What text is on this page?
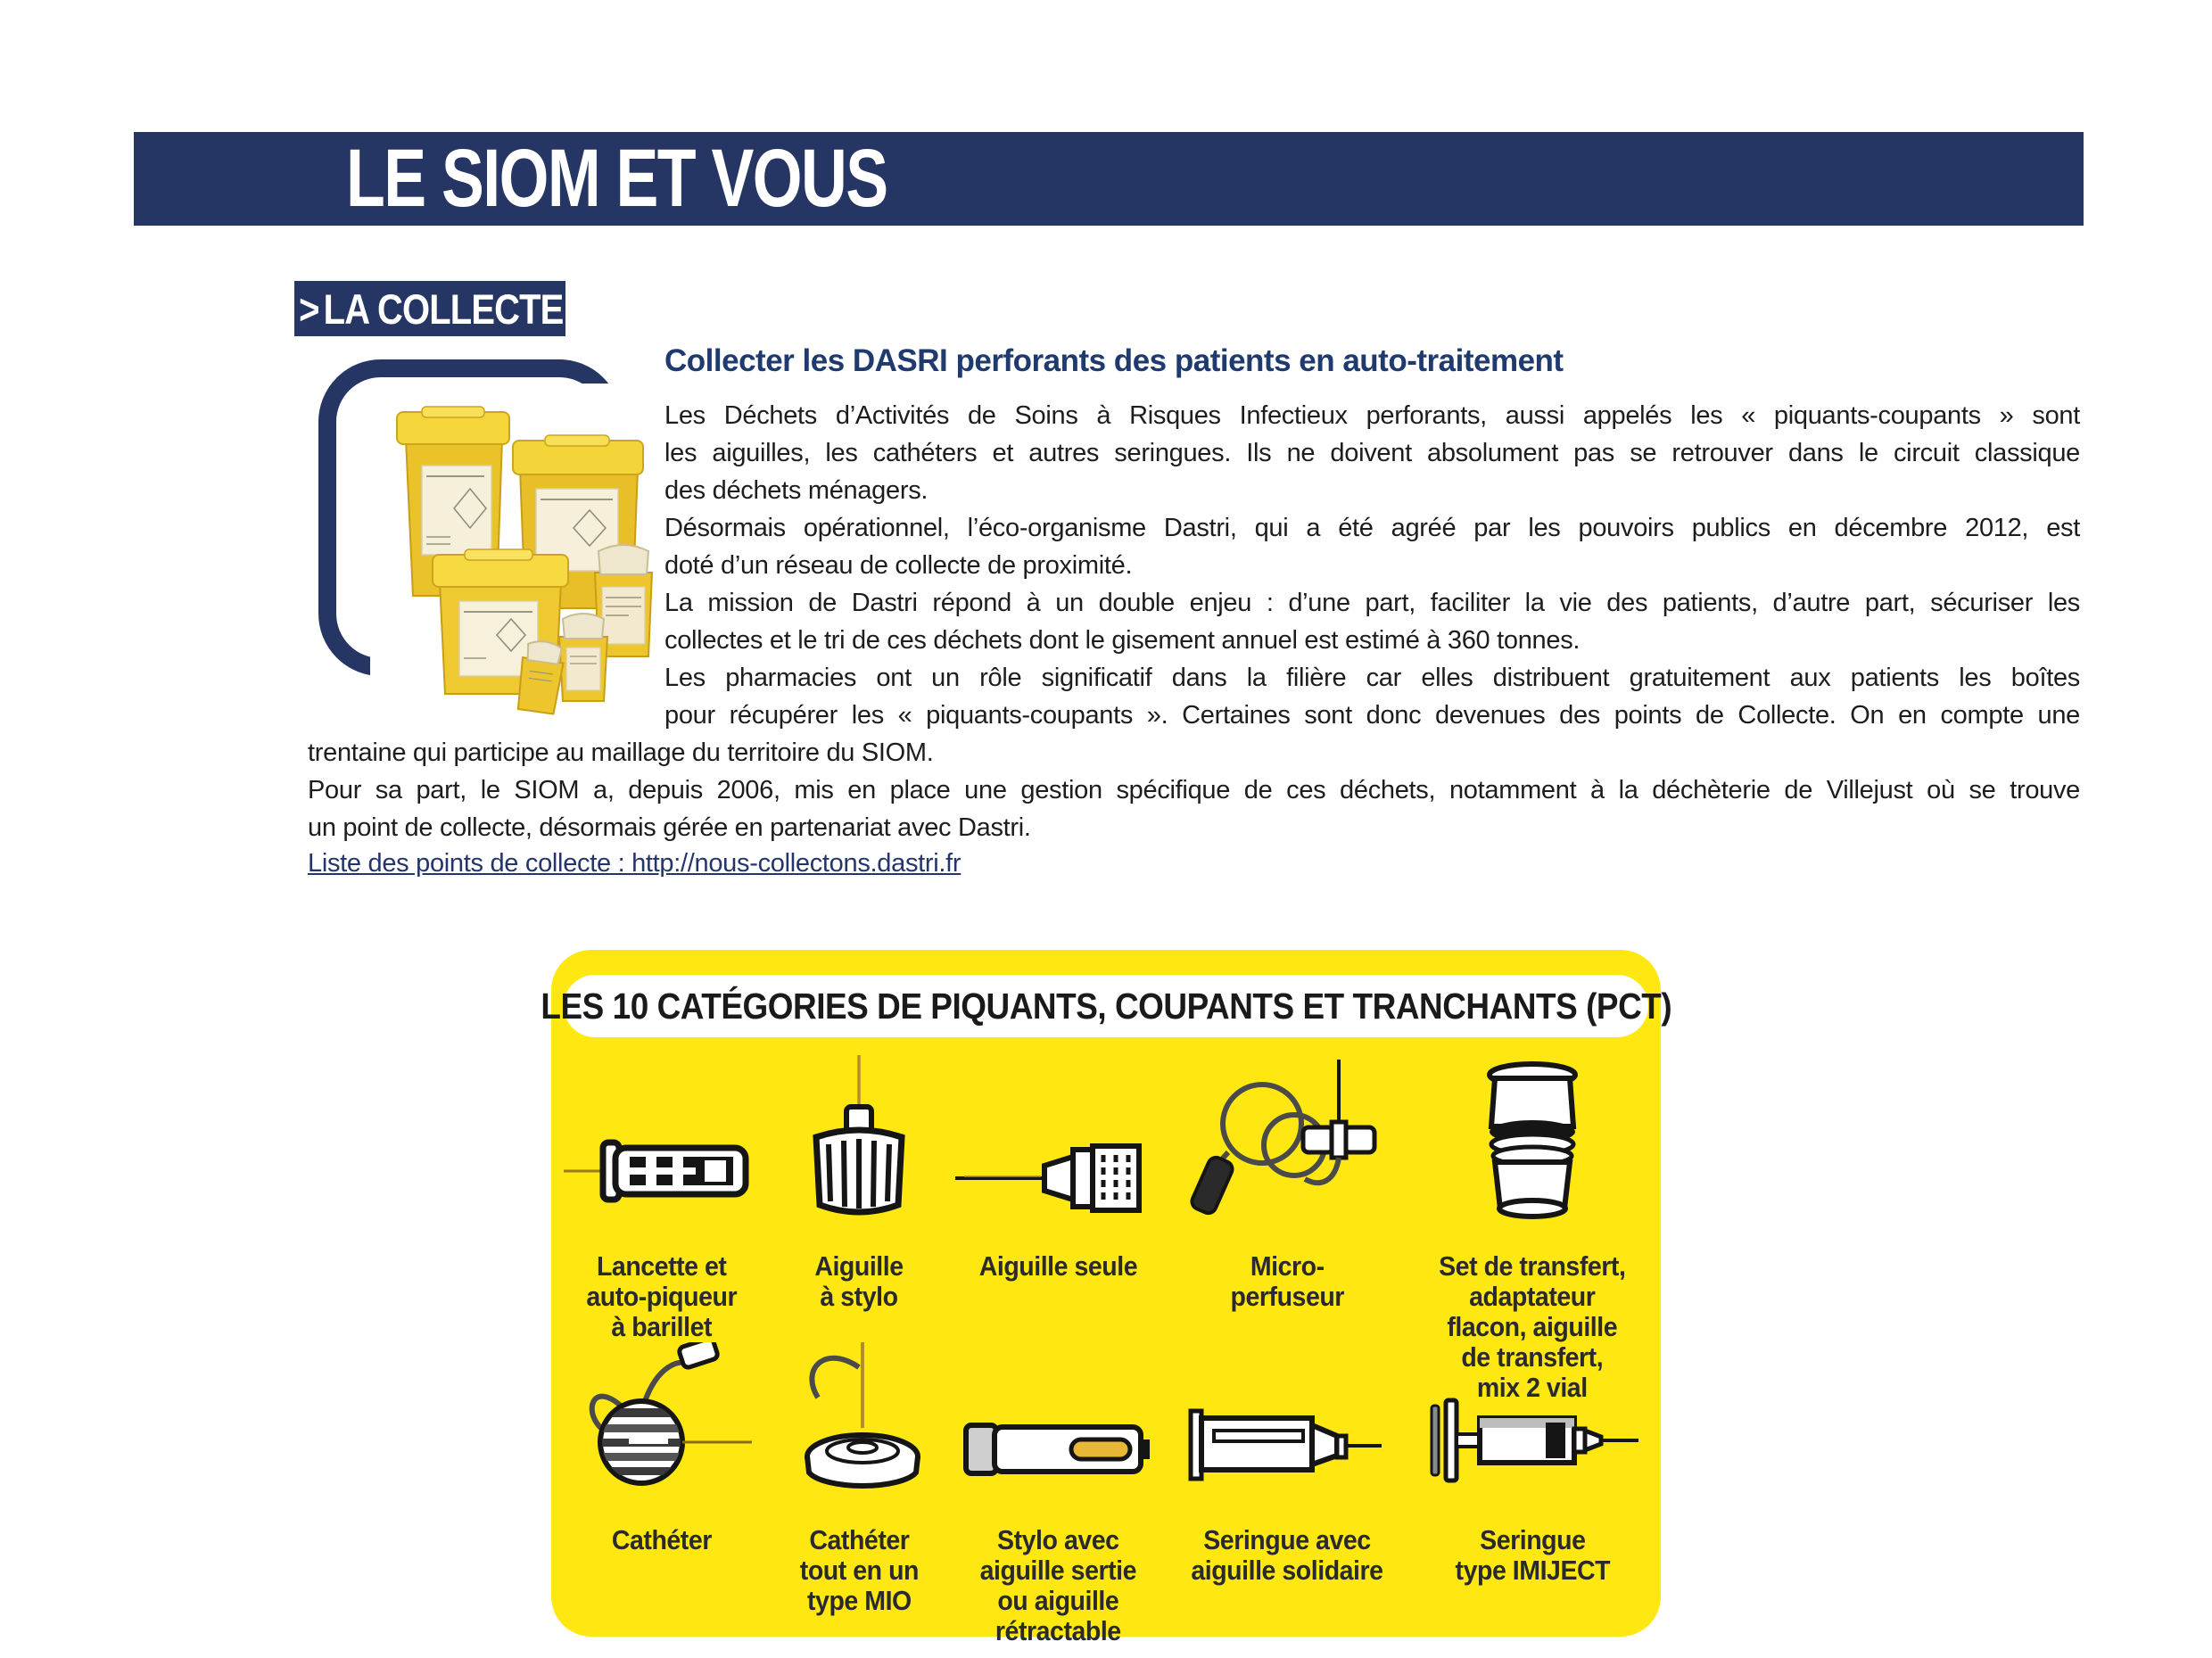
LE SIOM ET VOUS
> LA COLLECTE
Collecter les DASRI perforants des patients en auto-traitement
Les Déchets d’Activités de Soins à Risques Infectieux perforants, aussi appelés les « piquants-coupants » sont
les aiguilles, les cathéters et autres seringues. Ils ne doivent absolument pas se retrouver dans le circuit classique
des déchets ménagers.
Désormais opérationnel, l’éco-organisme Dastri, qui a été agréé par les pouvoirs publics en décembre 2012, est
doté d’un réseau de collecte de proximité.
La mission de Dastri répond à un double enjeu : d’une part, faciliter la vie des patients, d’autre part, sécuriser les
collectes et le tri de ces déchets dont le gisement annuel est estimé à 360 tonnes.
Les pharmacies ont un rôle significatif dans la filière car elles distribuent gratuitement aux patients les boîtes
pour récupérer les « piquants-coupants ». Certaines sont donc devenues des points de Collecte. On en compte une
trentaine qui participe au maillage du territoire du SIOM.
Pour sa part, le SIOM a, depuis 2006, mis en place une gestion spécifique de ces déchets, notamment à la déchèterie de Villejust où se trouve
un point de collecte, désormais gérée en partenariat avec Dastri.
Liste des points de collecte : http://nous-collectons.dastri.fr
LES 10 CATÉGORIES DE PIQUANTS, COUPANTS ET TRANCHANTS (PCT)
Lancette et
auto-piqueur
à barillet
Aiguille
à stylo
Aiguille seule	Micro-
perfuseur
Set de transfert,
adaptateur
flacon, aiguille
de transfert,
mix 2 vial
Cathéter	Cathéter
tout en un
type MIO
Stylo avec
aiguille sertie
ou aiguille
rétractable
Seringue avec
aiguille solidaire
Seringue
type IMIJECT
